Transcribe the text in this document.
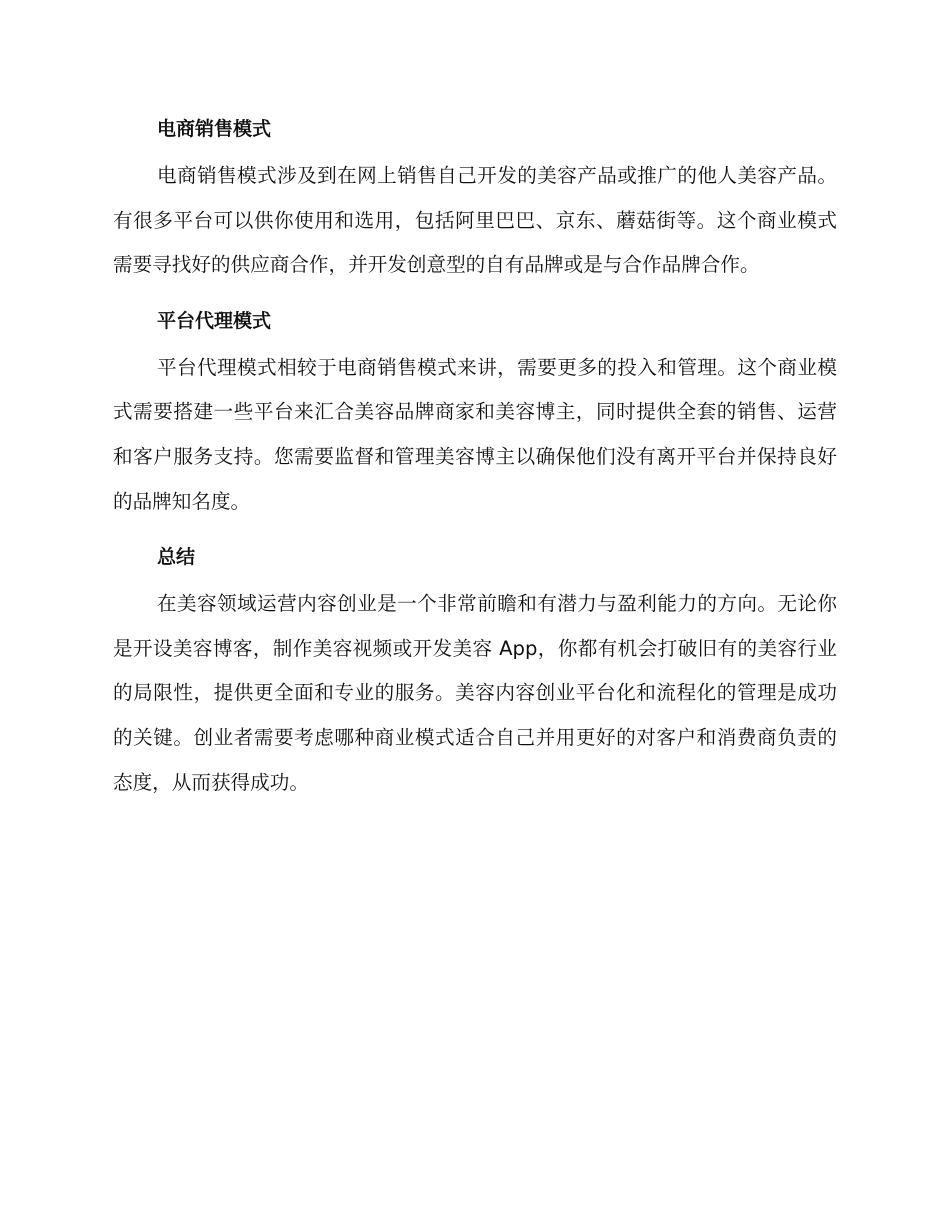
电商销售模式

电商销售模式涉及到在网上销售自己开发的美容产品或推广的他人美容产品。有很多平台可以供你使用和选用，包括阿里巴巴、京东、蘑菇街等。这个商业模式需要寻找好的供应商合作，并开发创意型的自有品牌或是与合作品牌合作。

平台代理模式

平台代理模式相较于电商销售模式来讲，需要更多的投入和管理。这个商业模式需要搭建一些平台来汇合美容品牌商家和美容博主，同时提供全套的销售、运营和客户服务支持。您需要监督和管理美容博主以确保他们没有离开平台并保持良好的品牌知名度。

总结

在美容领域运营内容创业是一个非常前瞻和有潜力与盈利能力的方向。无论你是开设美容博客，制作美容视频或开发美容 App，你都有机会打破旧有的美容行业的局限性，提供更全面和专业的服务。美容内容创业平台化和流程化的管理是成功的关键。创业者需要考虑哪种商业模式适合自己并用更好的对客户和消费商负责的态度，从而获得成功。
